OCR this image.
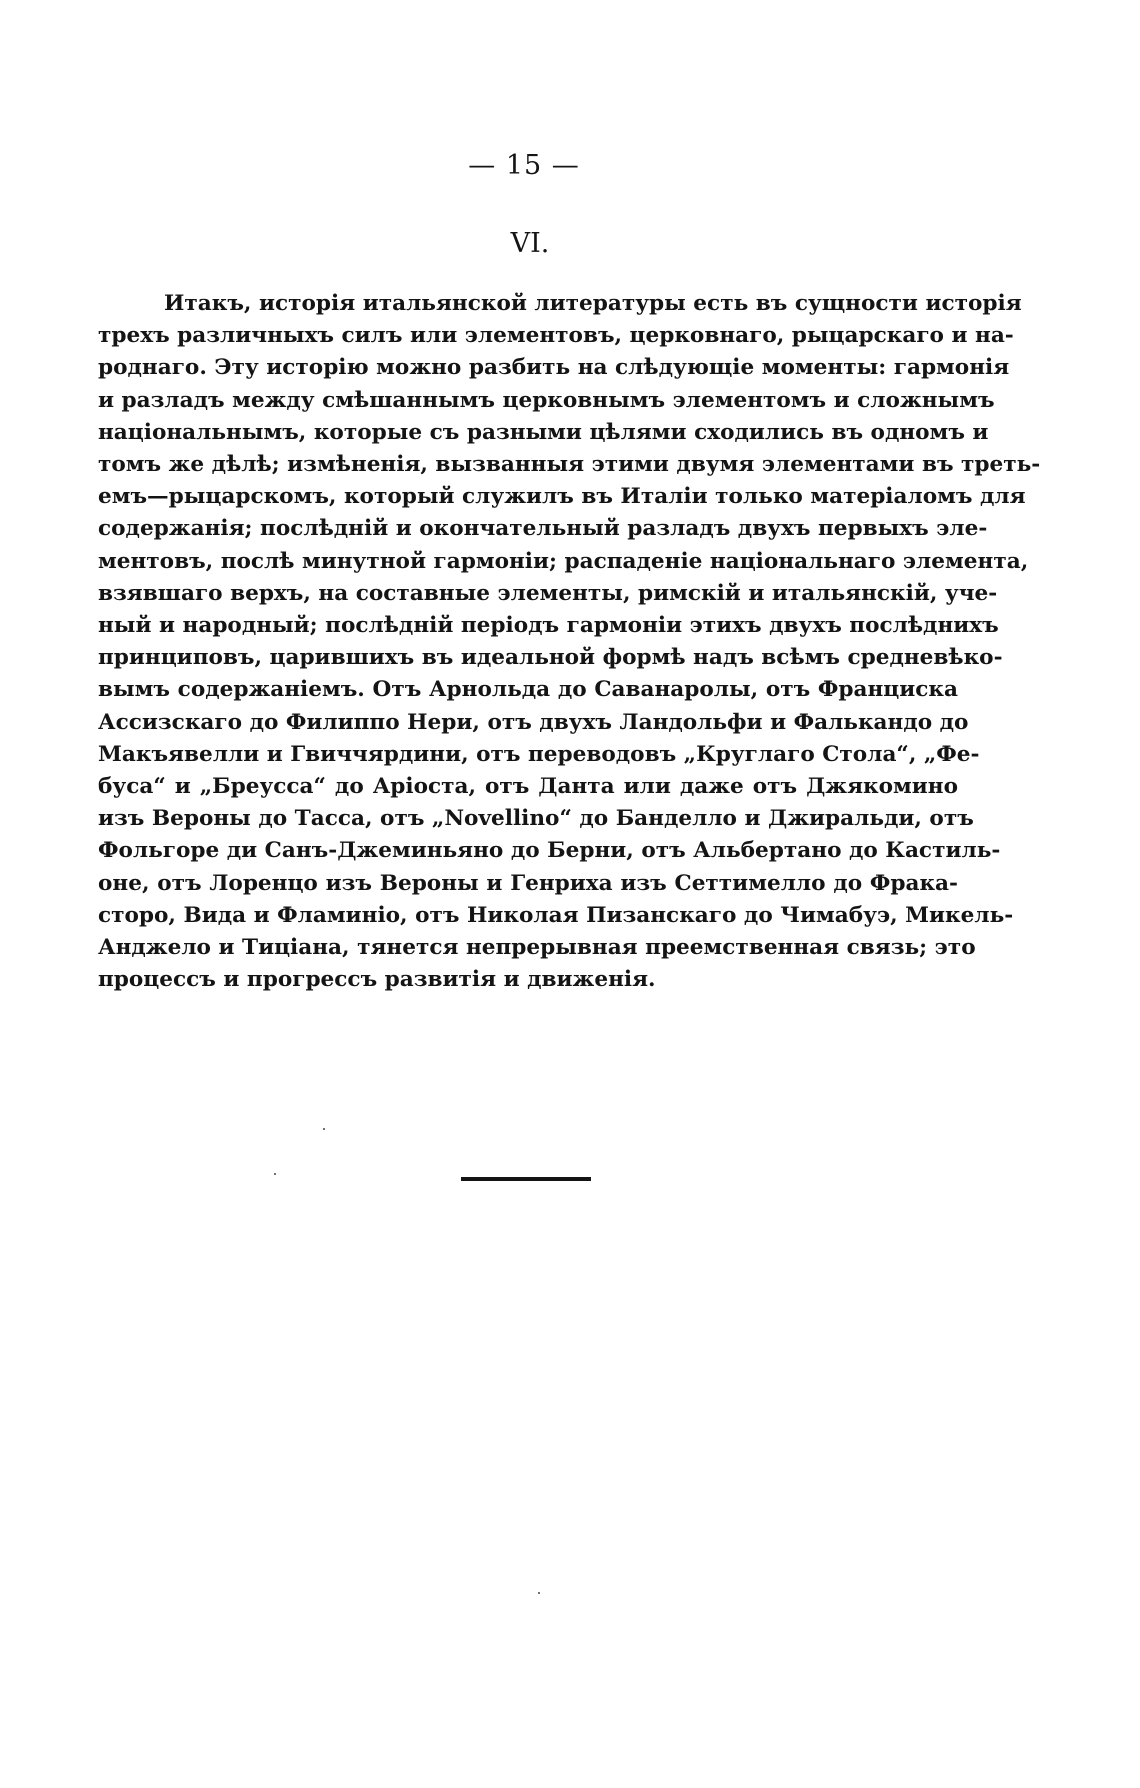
— 15 —
VI.
Итакъ, исторія итальянской литературы есть въ сущности исторія
трехъ различныхъ силъ или элементовъ, церковнаго, рыцарскаго и на-
роднаго. Эту исторію можно разбить на слѣдующіе моменты: гармонія
и разладъ между смѣшаннымъ церковнымъ элементомъ и сложнымъ
національнымъ, которые съ разными цѣлями сходились въ одномъ и
томъ же дѣлѣ; измѣненія, вызванныя этими двумя элементами въ треть-
емъ—рыцарскомъ, который служилъ въ Италіи только матеріаломъ для
содержанія; послѣдній и окончательный разладъ двухъ первыхъ эле-
ментовъ, послѣ минутной гармоніи; распаденіе національнаго элемента,
взявшаго верхъ, на составные элементы, римскій и итальянскій, уче-
ный и народный; послѣдній періодъ гармоніи этихъ двухъ послѣднихъ
принциповъ, царившихъ въ идеальной формѣ надъ всѣмъ средневѣко-
вымъ содержаніемъ. Отъ Арнольда до Саванаролы, отъ Франциска
Ассизскаго до Филиппо Нери, отъ двухъ Ландольфи и Фалькандо до
Макъявелли и Гвиччярдини, отъ переводовъ „Круглаго Стола“, „Фе-
буса“ и „Бреусса“ до Аріоста, отъ Данта или даже отъ Джякомино
изъ Вероны до Тасса, отъ „Novellino“ до Банделло и Джиральди, отъ
Фольгоре ди Санъ-Джеминьяно до Берни, отъ Альбертано до Кастиль-
оне, отъ Лоренцо изъ Вероны и Генриха изъ Сеттимелло до Фрака-
сторо, Вида и Фламиніо, отъ Николая Пизанскаго до Чимабуэ, Микель-
Анджело и Тиціана, тянется непрерывная преемственная связь; это
процессъ и прогрессъ развитія и движенія.
